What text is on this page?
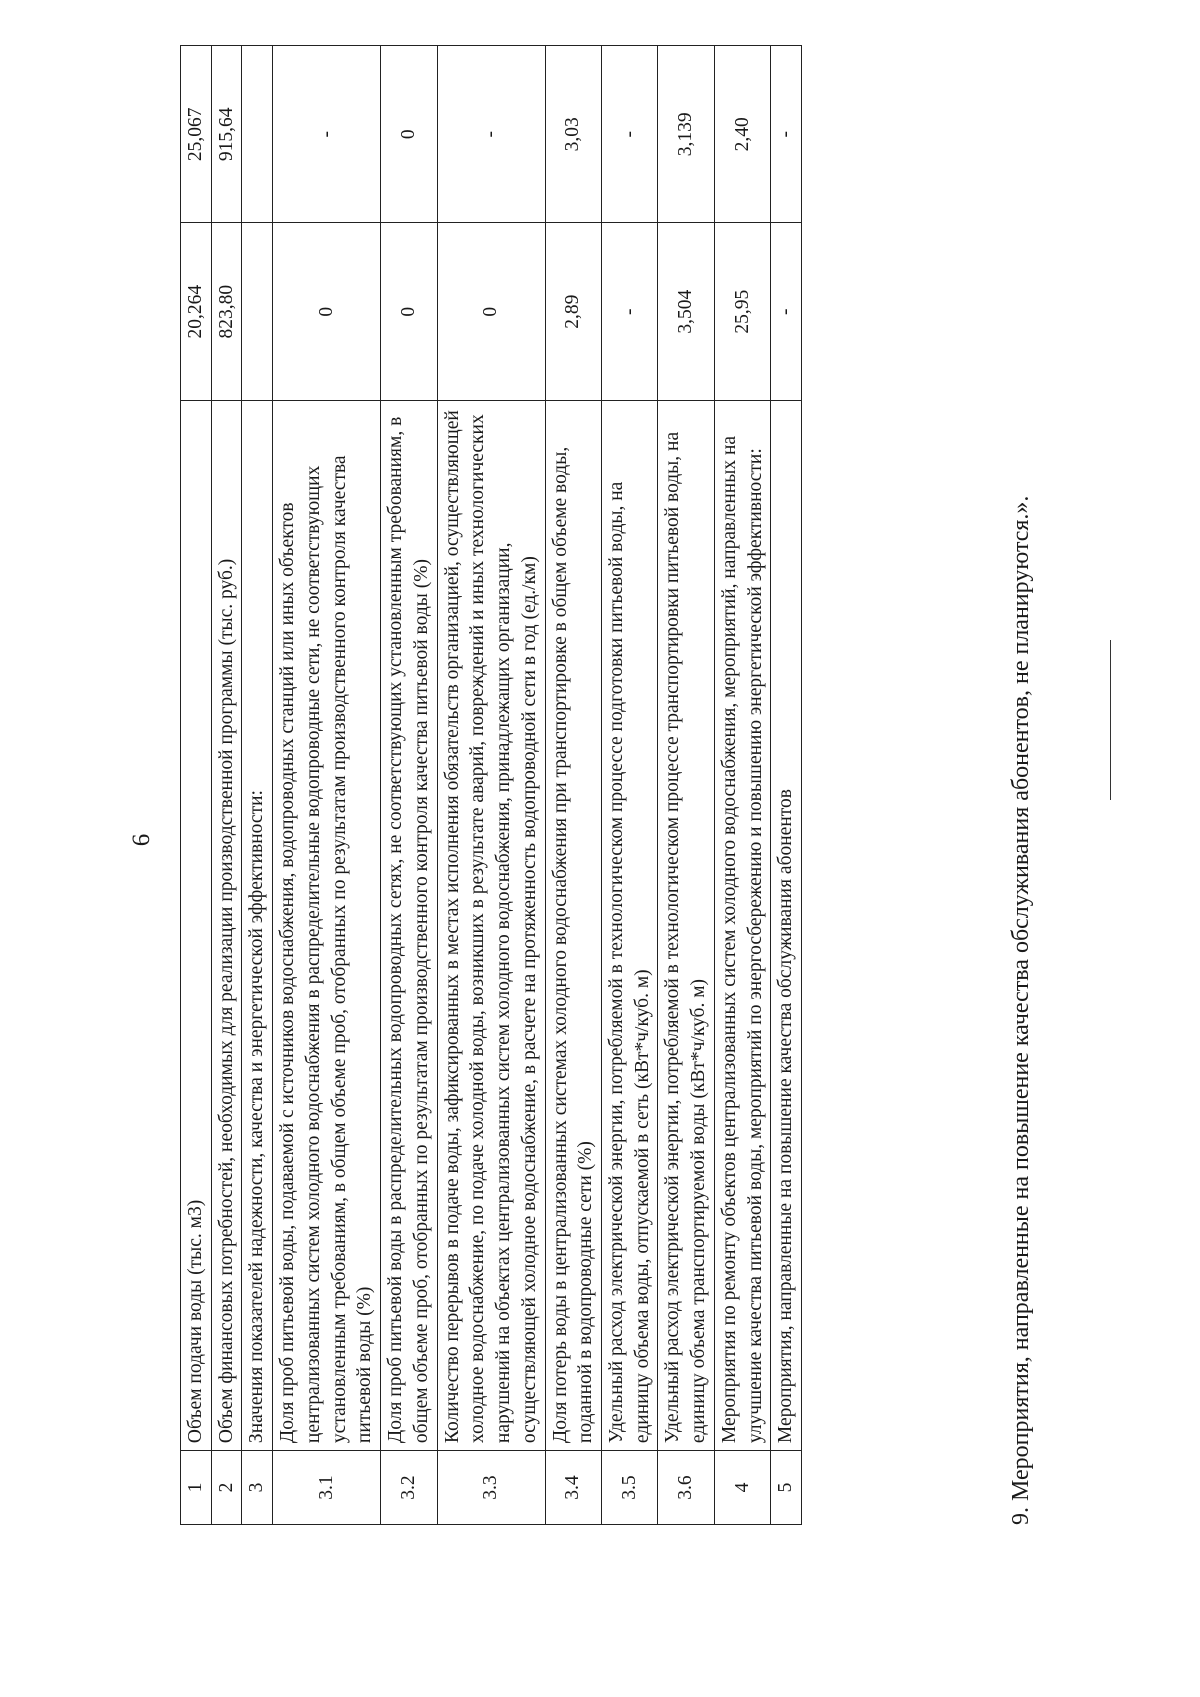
6
1	Объем подачи воды (тыс. м3)	20,264	25,067
2	Объем финансовых потребностей, необходимых для реализации производственной программы (тыс. руб.)	823,80	915,64
3	Значения показателей надежности, качества и энергетической эффективности:		
3.1	Доля проб питьевой воды, подаваемой с источников водоснабжения, водопроводных станций или иных объектов централизованных систем холодного водоснабжения в распределительные водопроводные сети, не соответствующих установленным требованиям, в общем объеме проб, отобранных по результатам производственного контроля качества питьевой воды (%)	0	-
3.2	Доля проб питьевой воды в распределительных водопроводных сетях, не соответствующих установленным требованиям, в общем объеме проб, отобранных по результатам производственного контроля качества питьевой воды (%)	0	0
3.3	Количество перерывов в подаче воды, зафиксированных в местах исполнения обязательств организацией, осуществляющей холодное водоснабжение, по подаче холодной воды, возникших в результате аварий, повреждений и иных технологических нарушений на объектах централизованных систем холодного водоснабжения, принадлежащих организации, осуществляющей холодное водоснабжение, в расчете на протяженность водопроводной сети в год (ед./км)	0	-
3.4	Доля потерь воды в централизованных системах холодного водоснабжения при транспортировке в общем объеме воды, поданной в водопроводные сети (%)	2,89	3,03
3.5	Удельный расход электрической энергии, потребляемой в технологическом процессе подготовки питьевой воды, на единицу объема воды, отпускаемой в сеть (кВт*ч/куб. м)	-	-
3.6	Удельный расход электрической энергии, потребляемой в технологическом процессе транспортировки питьевой воды, на единицу объема транспортируемой воды (кВт*ч/куб. м)	3,504	3,139
4	Мероприятия по ремонту объектов централизованных систем холодного водоснабжения, мероприятий, направленных на улучшение качества питьевой воды, мероприятий по энергосбережению и повышению энергетической эффективности:	25,95	2,40
5	Мероприятия, направленные на повышение качества обслуживания абонентов	-	-
9. Мероприятия, направленные на повышение качества обслуживания абонентов, не планируются.».
